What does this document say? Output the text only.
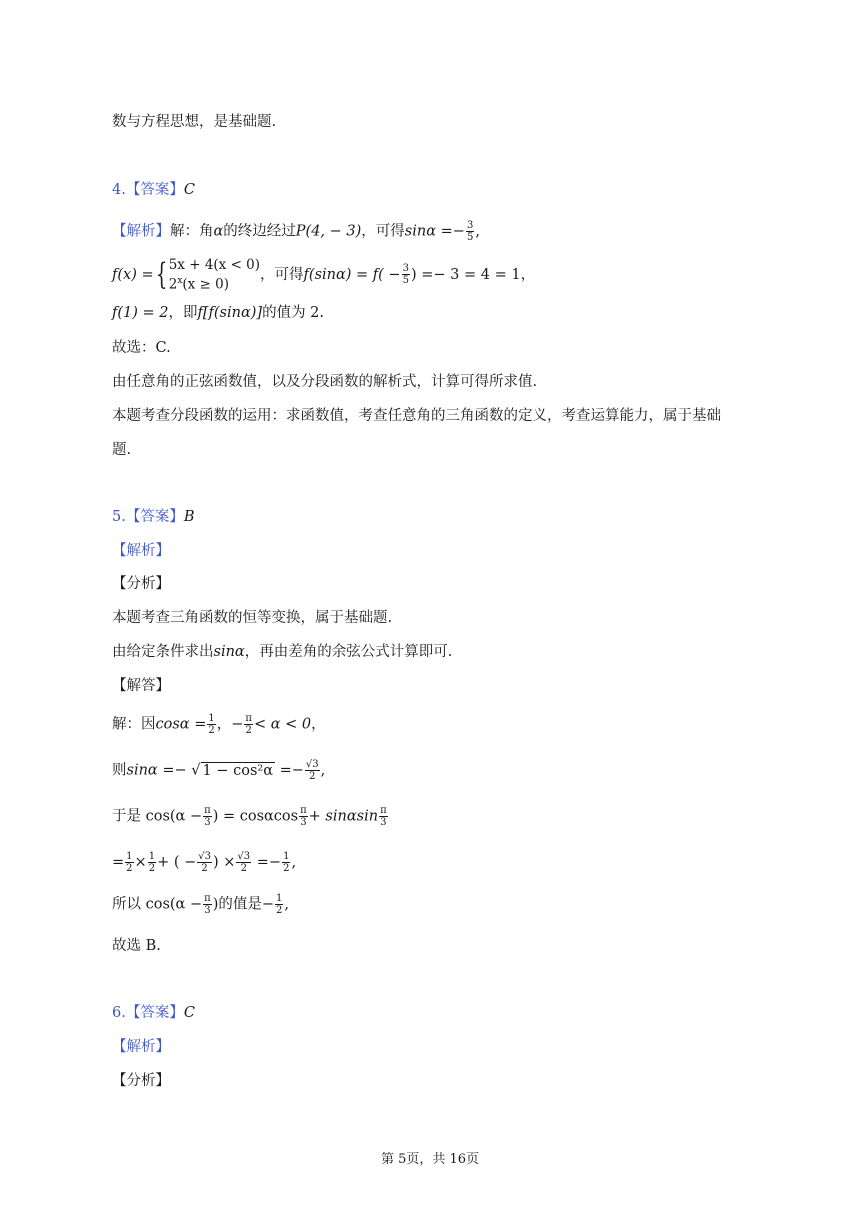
数与方程思想，是基础题.
4.【答案】C
【解析】解：角α的终边经过P(4, − 3)，可得$\sin\alpha =- \frac{3}{5}$ ,
f(x) ={ 5x + 4(x < 0)
$2^x(x \ge 0)$，可得$f(\sin\alpha) = f( - \frac{3}{5}$ ) =− 3 = 4 = 1，
f(1) = 2，即f[f(sinα)]的值为 2.
故选：C.
由任意角的正弦函数值，以及分段函数的解析式，计算可得所求值.
本题考查分段函数的运用：求函数值，考查任意角的三角函数的定义，考查运算能力，属于基础
题.
5.【答案】B
【解析】
【分析】
本题考查三角函数的恒等变换，属于基础题.
由给定条件求出sinα，再由差角的余弦公式计算即可.
【解答】
解：因$\cos\alpha = \frac{1}{2}$ ，− $\frac{\pi}{2} < \alpha < 0$，
则sinα =− √ $1 - \cos^2\alpha =- \frac{√3}{2}$ ,
于是 $\cos(\alpha - \frac{\pi}{3}$ ) = cosαcos $\frac{\pi}{3} + \sin\alpha\sin \frac{\pi}{3}$
= $\frac{1}{2} \times \frac{1}{2}$ + ( − $\frac{√3}{2}$ ) × $\frac{√3}{2} =- \frac{1}{2}$ ,
所以 $\cos(\alpha - \frac{\pi}{3}$ )的值是− $\frac{1}{2}$ ,
故选 B.
6.【答案】C
【解析】
【分析】
第 5页，共 16页
